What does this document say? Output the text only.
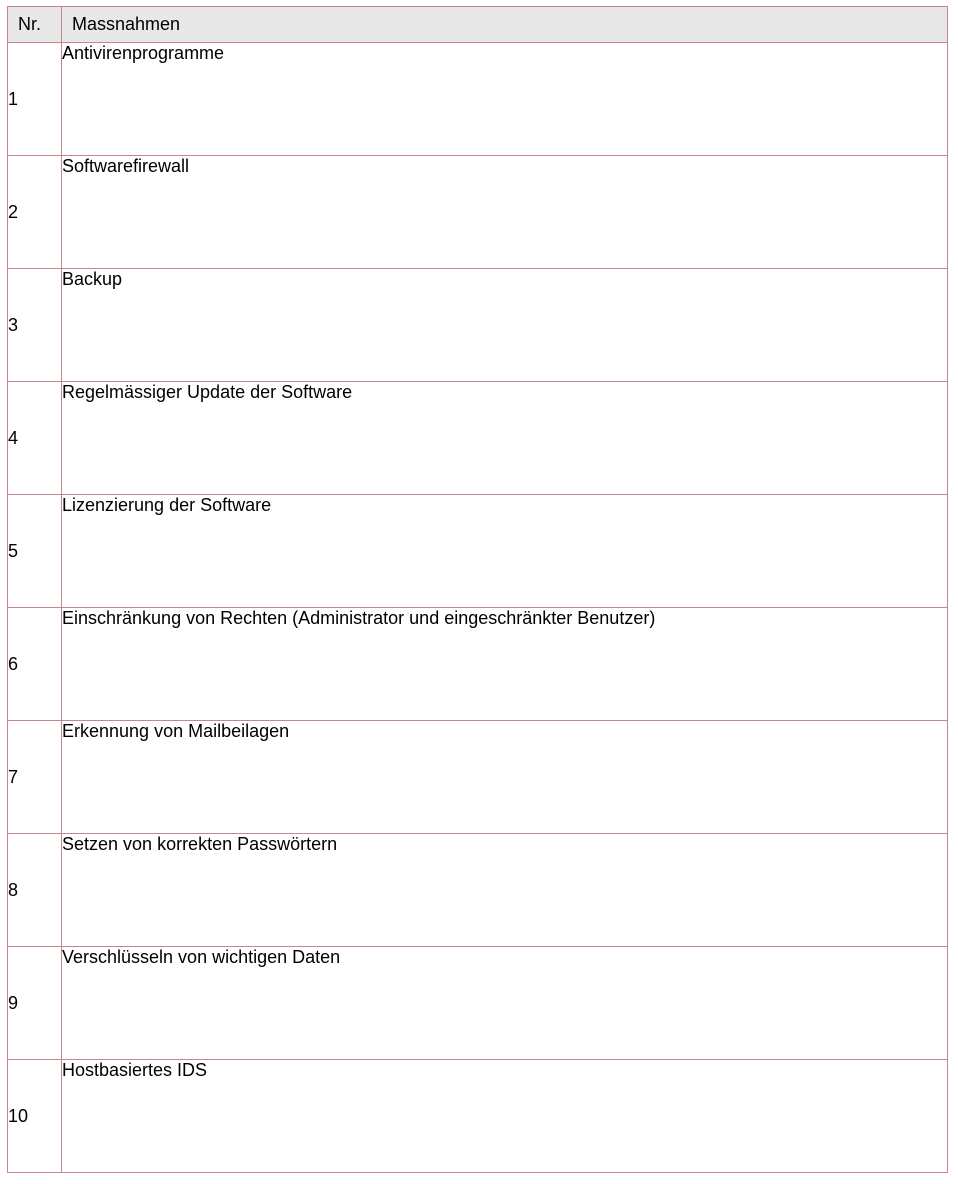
Nr.	Massnahmen
1	Antivirenprogramme
2	Softwarefirewall
3	Backup
4	Regelmässiger Update der Software
5	Lizenzierung der Software
6	Einschränkung von Rechten (Administrator und eingeschränkter Benutzer)
7	Erkennung von Mailbeilagen
8	Setzen von korrekten Passwörtern
9	Verschlüsseln von wichtigen Daten
10	Hostbasiertes IDS
